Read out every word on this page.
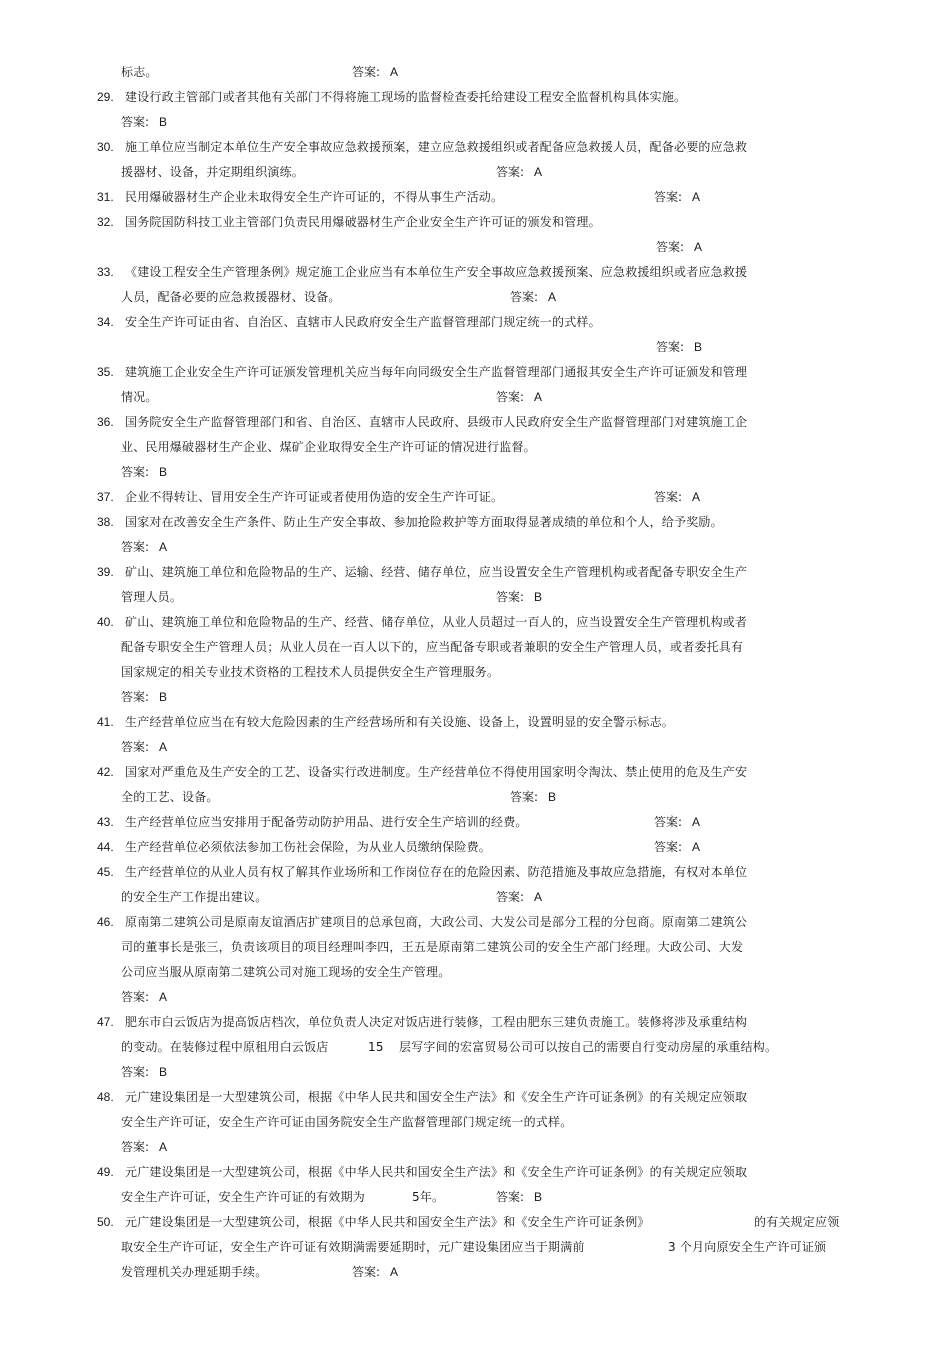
标志。	答案: A
29. 建设行政主管部门或者其他有关部门不得将施工现场的监督检查委托给建设工程安全监督机构具体实施。
答案: B
30. 施工单位应当制定本单位生产安全事故应急救援预案，建立应急救援组织或者配备应急救援人员，配备必要的应急救
援器材、设备，并定期组织演练。	答案: A
31. 民用爆破器材生产企业未取得安全生产许可证的，不得从事生产活动。	答案: A
32. 国务院国防科技工业主管部门负责民用爆破器材生产企业安全生产许可证的颁发和管理。
答案: A
33. 《建设工程安全生产管理条例》规定施工企业应当有本单位生产安全事故应急救援预案、应急救援组织或者应急救援
人员，配备必要的应急救援器材、设备。	答案: A
34. 安全生产许可证由省、自治区、直辖市人民政府安全生产监督管理部门规定统一的式样。
答案: B
35. 建筑施工企业安全生产许可证颁发管理机关应当每年向同级安全生产监督管理部门通报其安全生产许可证颁发和管理
情况。	答案: A
36. 国务院安全生产监督管理部门和省、自治区、直辖市人民政府、县级市人民政府安全生产监督管理部门对建筑施工企
业、民用爆破器材生产企业、煤矿企业取得安全生产许可证的情况进行监督。
答案: B
37. 企业不得转让、冒用安全生产许可证或者使用伪造的安全生产许可证。	答案: A
38. 国家对在改善安全生产条件、防止生产安全事故、参加抢险救护等方面取得显著成绩的单位和个人，给予奖励。
答案: A
39. 矿山、建筑施工单位和危险物品的生产、运输、经营、储存单位，应当设置安全生产管理机构或者配备专职安全生产
管理人员。	答案: B
40. 矿山、建筑施工单位和危险物品的生产、经营、储存单位，从业人员超过一百人的，应当设置安全生产管理机构或者
配备专职安全生产管理人员；从业人员在一百人以下的，应当配备专职或者兼职的安全生产管理人员，或者委托具有
国家规定的相关专业技术资格的工程技术人员提供安全生产管理服务。
答案: B
41. 生产经营单位应当在有较大危险因素的生产经营场所和有关设施、设备上，设置明显的安全警示标志。
答案: A
42. 国家对严重危及生产安全的工艺、设备实行改进制度。生产经营单位不得使用国家明令淘汰、禁止使用的危及生产安
全的工艺、设备。	答案: B
43. 生产经营单位应当安排用于配备劳动防护用品、进行安全生产培训的经费。	答案: A
44. 生产经营单位必须依法参加工伤社会保险，为从业人员缴纳保险费。	答案: A
45. 生产经营单位的从业人员有权了解其作业场所和工作岗位存在的危险因素、防范措施及事故应急措施，有权对本单位
的安全生产工作提出建议。	答案: A
46. 原南第二建筑公司是原南友谊酒店扩建项目的总承包商，大政公司、大发公司是部分工程的分包商。原南第二建筑公
司的董事长是张三，负责该项目的项目经理叫李四，王五是原南第二建筑公司的安全生产部门经理。大政公司、大发
公司应当服从原南第二建筑公司对施工现场的安全生产管理。
答案: A
47. 肥东市白云饭店为提高饭店档次，单位负责人决定对饭店进行装修，工程由肥东三建负责施工。装修将涉及承重结构
的变动。在装修过程中原租用白云饭店	15 层写字间的宏富贸易公司可以按自己的需要自行变动房屋的承重结构。
答案: B
48. 元广建设集团是一大型建筑公司，根据《中华人民共和国安全生产法》和《安全生产许可证条例》的有关规定应领取
安全生产许可证，安全生产许可证由国务院安全生产监督管理部门规定统一的式样。
答案: A
49. 元广建设集团是一大型建筑公司，根据《中华人民共和国安全生产法》和《安全生产许可证条例》的有关规定应领取
安全生产许可证，安全生产许可证的有效期为	5年。	答案: B
50. 元广建设集团是一大型建筑公司，根据《中华人民共和国安全生产法》和《安全生产许可证条例》	的有关规定应领
取安全生产许可证，安全生产许可证有效期满需要延期时，元广建设集团应当于期满前	3 个月向原安全生产许可证颁
发管理机关办理延期手续。	答案: A
